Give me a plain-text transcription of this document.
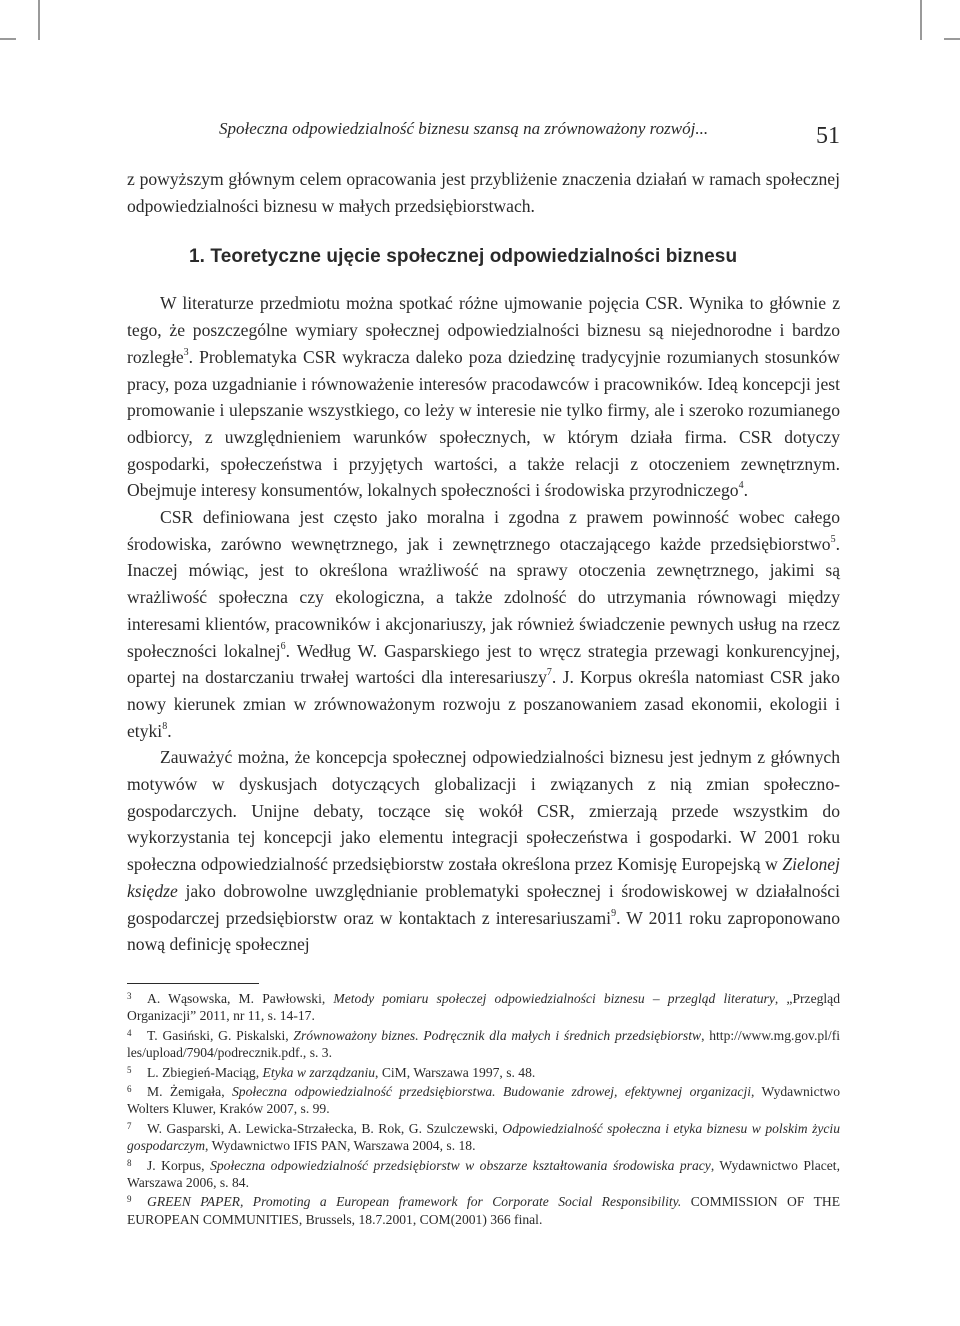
Społeczna odpowiedzialność biznesu szansą na zrównoważony rozwój...	51

z powyższym głównym celem opracowania jest przybliżenie znaczenia działań w ramach społecznej odpowiedzialności biznesu w małych przedsiębiorstwach.

1. Teoretyczne ujęcie społecznej odpowiedzialności biznesu

W literaturze przedmiotu można spotkać różne ujmowanie pojęcia CSR. Wynika to głównie z tego, że poszczególne wymiary społecznej odpowiedzialności biznesu są niejednorodne i bardzo rozległe$^3$. Problematyka CSR wykracza daleko poza dziedzinę tradycyjnie rozumianych stosunków pracy, poza uzgadnianie i równoważenie interesów pracodawców i pracowników. Ideą koncepcji jest promowanie i ulepszanie wszystkiego, co leży w interesie nie tylko firmy, ale i szeroko rozumianego odbiorcy, z uwzględnieniem warunków społecznych, w którym działa firma. CSR dotyczy gospodarki, społeczeństwa i przyjętych wartości, a także relacji z otoczeniem zewnętrznym. Obejmuje interesy konsumentów, lokalnych społeczności i środowiska przyrodniczego$^4$.

CSR definiowana jest często jako moralna i zgodna z prawem powinność wobec całego środowiska, zarówno wewnętrznego, jak i zewnętrznego otaczającego każde przedsiębiorstwo$^5$. Inaczej mówiąc, jest to określona wrażliwość na sprawy otoczenia zewnętrznego, jakimi są wrażliwość społeczna czy ekologiczna, a także zdolność do utrzymania równowagi między interesami klientów, pracowników i akcjonariuszy, jak również świadczenie pewnych usług na rzecz społeczności lokalnej$^6$. Według W. Gasparskiego jest to wręcz strategia przewagi konkurencyjnej, opartej na dostarczaniu trwałej wartości dla interesariuszy$^7$. J. Korpus określa natomiast CSR jako nowy kierunek zmian w zrównoważonym rozwoju z poszanowaniem zasad ekonomii, ekologii i etyki$^8$.

Zauważyć można, że koncepcja społecznej odpowiedzialności biznesu jest jednym z głównych motywów w dyskusjach dotyczących globalizacji i związanych z nią zmian społeczno-gospodarczych. Unijne debaty, toczące się wokół CSR, zmierzają przede wszystkim do wykorzystania tej koncepcji jako elementu integracji społeczeństwa i gospodarki. W 2001 roku społeczna odpowiedzialność przedsiębiorstw została określona przez Komisję Europejską w Zielonej księdze jako dobrowolne uwzględnianie problematyki społecznej i środowiskowej w działalności gospodarczej przedsiębiorstw oraz w kontaktach z interesariuszami$^9$. W 2011 roku zaproponowano nową definicję społecznej

3 A. Wąsowska, M. Pawłowski, Metody pomiaru społeczej odpowiedzialności biznesu – przegląd literatury, „Przegląd Organizacji” 2011, nr 11, s. 14-17.

4 T. Gasiński, G. Piskalski, Zrównoważony biznes. Podręcznik dla małych i średnich przedsiębiorstw, http://www.mg.gov.pl/fi les/upload/7904/podrecznik.pdf., s. 3.

5 L. Zbiegień-Maciąg, Etyka w zarządzaniu, CiM, Warszawa 1997, s. 48.

6 M. Żemigała, Społeczna odpowiedzialność przedsiębiorstwa. Budowanie zdrowej, efektywnej organizacji, Wydawnictwo Wolters Kluwer, Kraków 2007, s. 99.

7 W. Gasparski, A. Lewicka-Strzałecka, B. Rok, G. Szulczewski, Odpowiedzialność społeczna i etyka biznesu w polskim życiu gospodarczym, Wydawnictwo IFIS PAN, Warszawa 2004, s. 18.

8 J. Korpus, Społeczna odpowiedzialność przedsiębiorstw w obszarze kształtowania środowiska pracy, Wydawnictwo Placet, Warszawa 2006, s. 84.

9 GREEN PAPER, Promoting a European framework for Corporate Social Responsibility. COMMISSION OF THE EUROPEAN COMMUNITIES, Brussels, 18.7.2001, COM(2001) 366 final.
